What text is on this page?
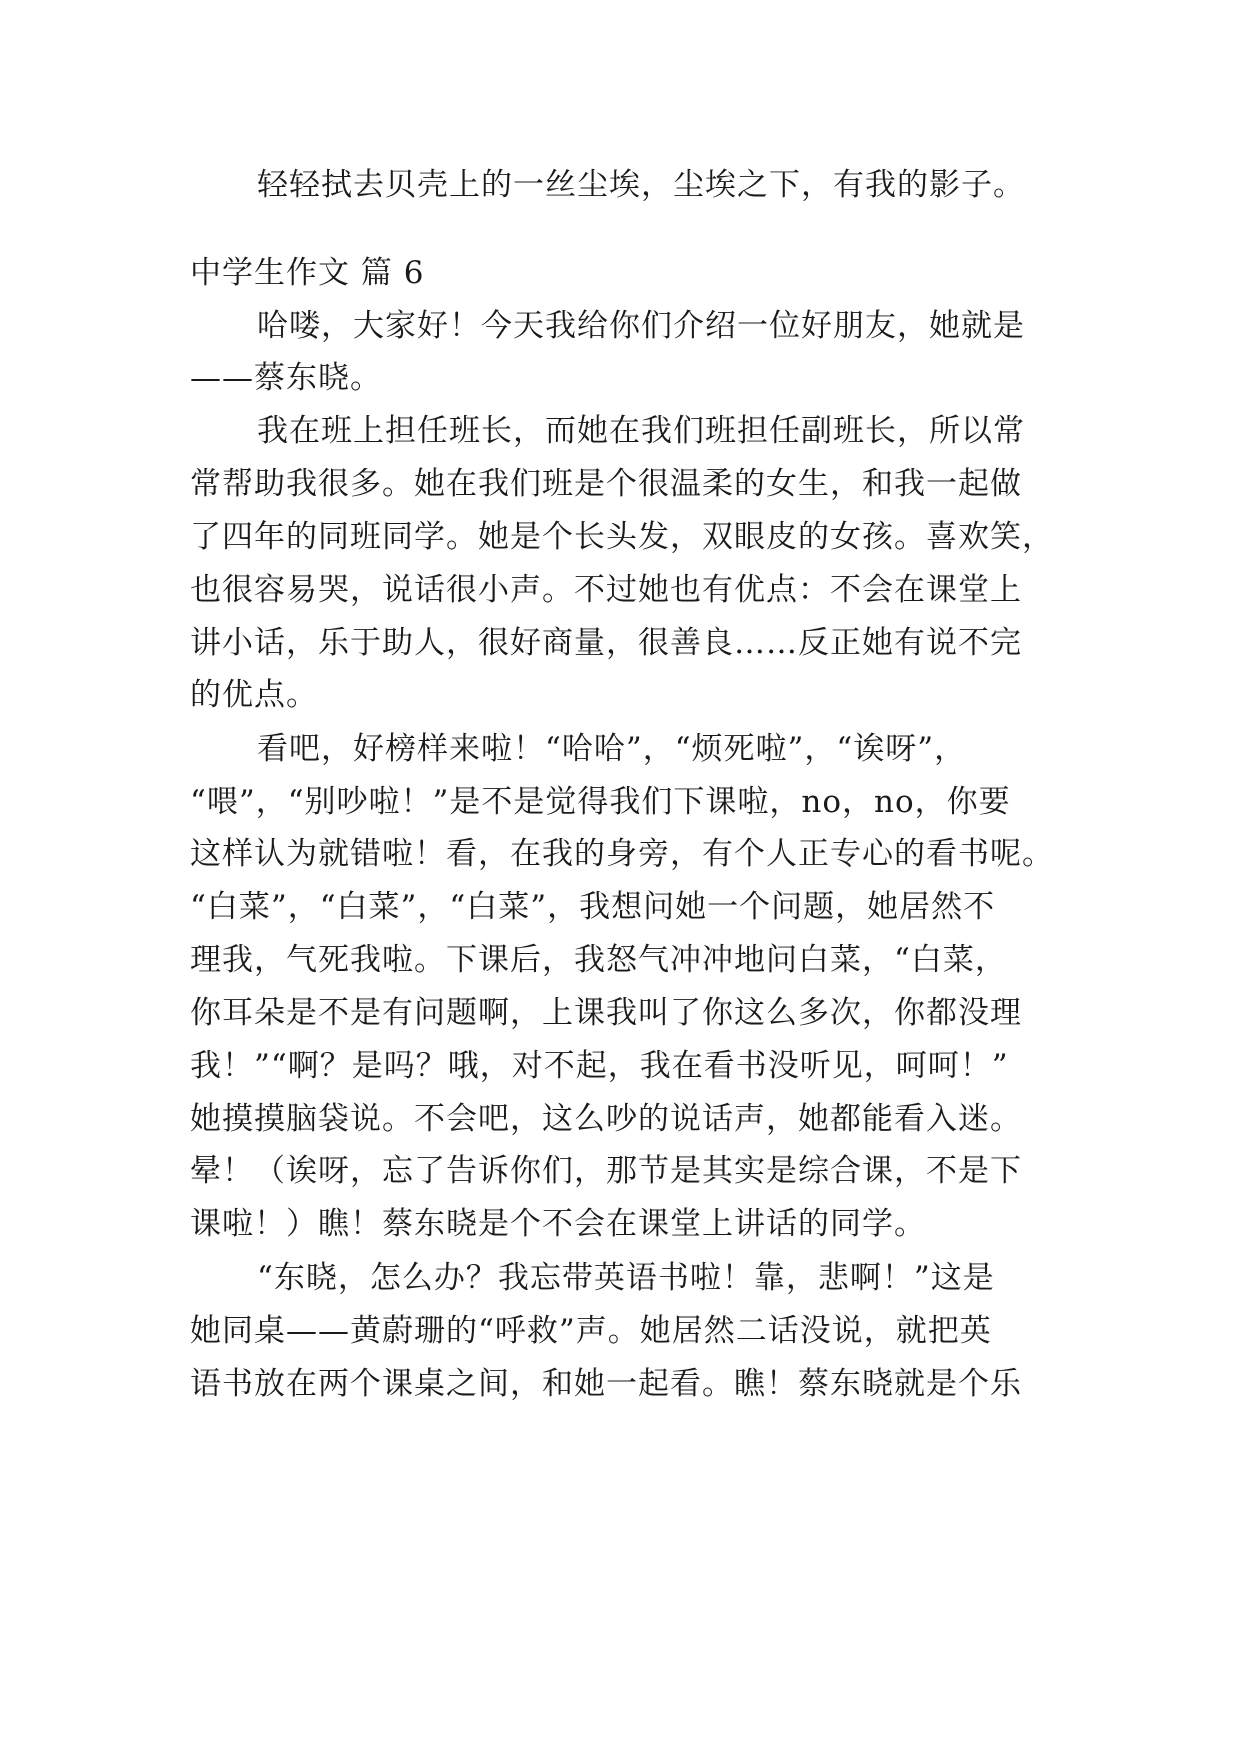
轻轻拭去贝壳上的一丝尘埃，尘埃之下，有我的影子。
中学生作文 篇 6
哈喽，大家好！今天我给你们介绍一位好朋友，她就是
——蔡东晓。
我在班上担任班长，而她在我们班担任副班长，所以常
常帮助我很多。她在我们班是个很温柔的女生，和我一起做
了四年的同班同学。她是个长头发，双眼皮的女孩。喜欢笑，
也很容易哭，说话很小声。不过她也有优点：不会在课堂上
讲小话，乐于助人，很好商量，很善良……反正她有说不完
的优点。
看吧，好榜样来啦！“哈哈”，“烦死啦”，“诶呀”，
“喂”，“别吵啦！”是不是觉得我们下课啦，no，no，你要
这样认为就错啦！看，在我的身旁，有个人正专心的看书呢。
“白菜”，“白菜”，“白菜”，我想问她一个问题，她居然不
理我，气死我啦。下课后，我怒气冲冲地问白菜，“白菜，
你耳朵是不是有问题啊，上课我叫了你这么多次，你都没理
我！”“啊？是吗？哦，对不起，我在看书没听见，呵呵！”
她摸摸脑袋说。不会吧，这么吵的说话声，她都能看入迷。
晕！（诶呀，忘了告诉你们，那节是其实是综合课，不是下
课啦！）瞧！蔡东晓是个不会在课堂上讲话的同学。
“东晓，怎么办？我忘带英语书啦！靠，悲啊！”这是
她同桌——黄蔚珊的“呼救”声。她居然二话没说，就把英
语书放在两个课桌之间，和她一起看。瞧！蔡东晓就是个乐
